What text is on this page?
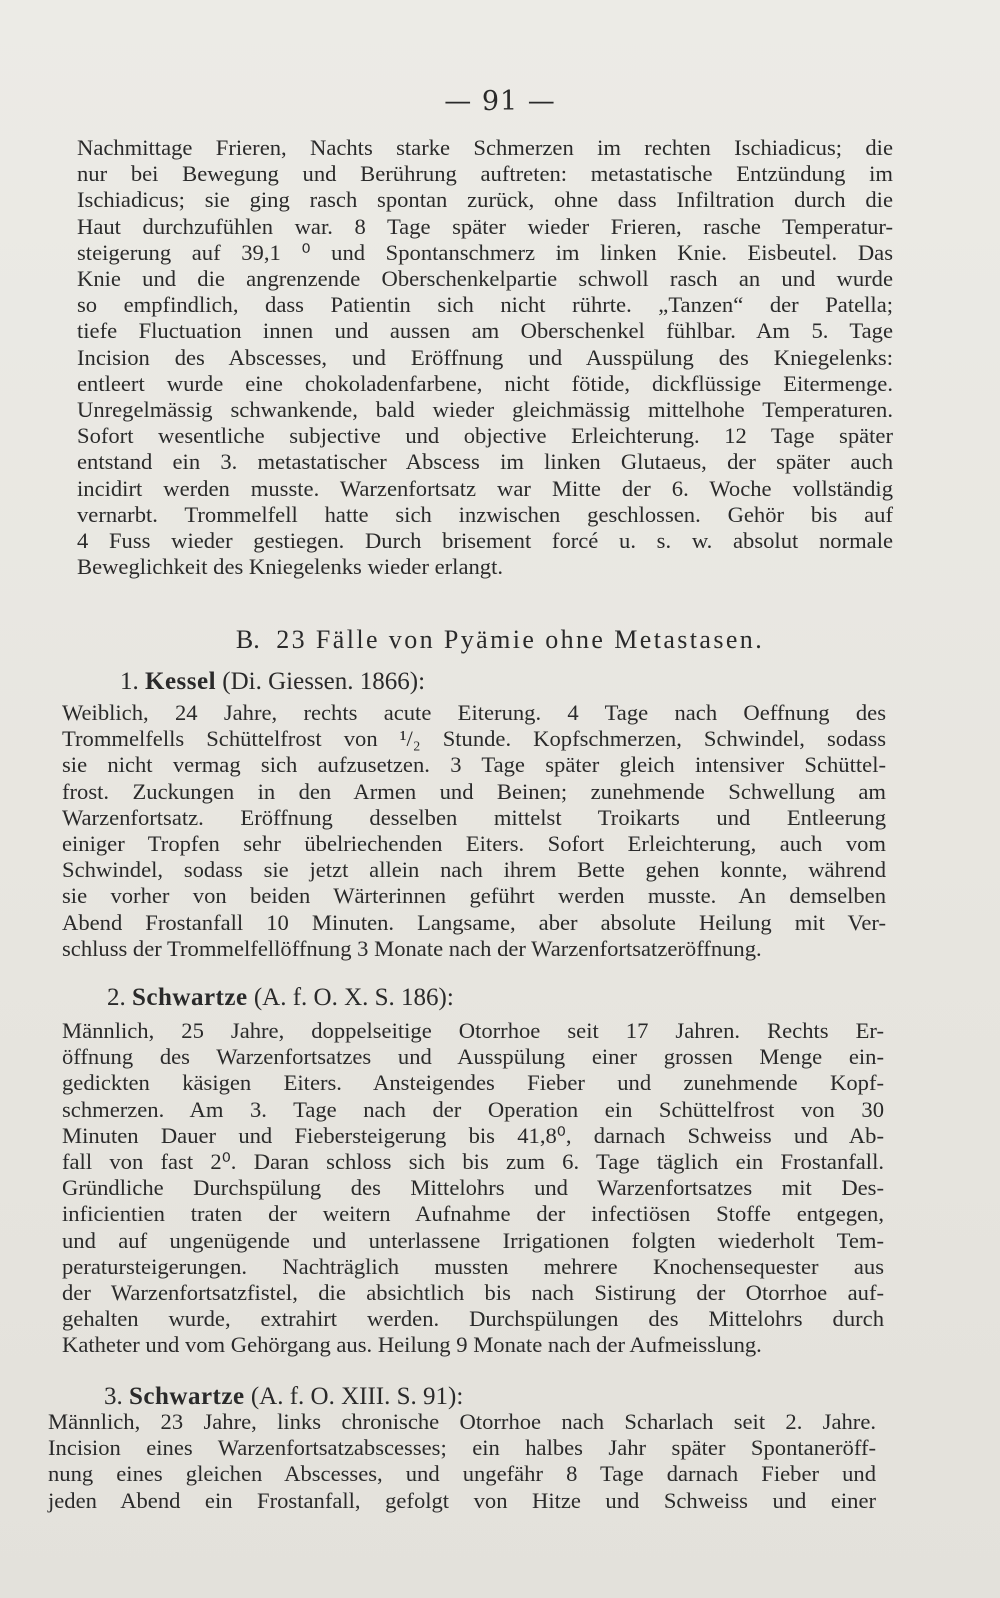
— 91 —
Nachmittage Frieren, Nachts starke Schmerzen im rechten Ischiadicus; die
nur bei Bewegung und Berührung auftreten: metastatische Entzündung im
Ischiadicus; sie ging rasch spontan zurück, ohne dass Infiltration durch die
Haut durchzufühlen war. 8 Tage später wieder Frieren, rasche Temperatur-
steigerung auf 39,1 ⁰ und Spontanschmerz im linken Knie. Eisbeutel. Das
Knie und die angrenzende Oberschenkelpartie schwoll rasch an und wurde
so empfindlich, dass Patientin sich nicht rührte. „Tanzen“ der Patella;
tiefe Fluctuation innen und aussen am Oberschenkel fühlbar. Am 5. Tage
Incision des Abscesses, und Eröffnung und Ausspülung des Kniegelenks:
entleert wurde eine chokoladenfarbene, nicht fötide, dickflüssige Eitermenge.
Unregelmässig schwankende, bald wieder gleichmässig mittelhohe Temperaturen.
Sofort wesentliche subjective und objective Erleichterung. 12 Tage später
entstand ein 3. metastatischer Abscess im linken Glutaeus, der später auch
incidirt werden musste. Warzenfortsatz war Mitte der 6. Woche vollständig
vernarbt. Trommelfell hatte sich inzwischen geschlossen. Gehör bis auf
4 Fuss wieder gestiegen. Durch brisement forcé u. s. w. absolut normale
Beweglichkeit des Kniegelenks wieder erlangt.
B. 23 Fälle von Pyämie ohne Metastasen.
1. Kessel (Di. Giessen. 1866):
Weiblich, 24 Jahre, rechts acute Eiterung. 4 Tage nach Oeffnung des
Trommelfells Schüttelfrost von ¹/₂ Stunde. Kopfschmerzen, Schwindel, sodass
sie nicht vermag sich aufzusetzen. 3 Tage später gleich intensiver Schüttel-
frost. Zuckungen in den Armen und Beinen; zunehmende Schwellung am
Warzenfortsatz. Eröffnung desselben mittelst Troikarts und Entleerung
einiger Tropfen sehr übelriechenden Eiters. Sofort Erleichterung, auch vom
Schwindel, sodass sie jetzt allein nach ihrem Bette gehen konnte, während
sie vorher von beiden Wärterinnen geführt werden musste. An demselben
Abend Frostanfall 10 Minuten. Langsame, aber absolute Heilung mit Ver-
schluss der Trommelfellöffnung 3 Monate nach der Warzenfortsatzeröffnung.
2. Schwartze (A. f. O. X. S. 186):
Männlich, 25 Jahre, doppelseitige Otorrhoe seit 17 Jahren. Rechts Er-
öffnung des Warzenfortsatzes und Ausspülung einer grossen Menge ein-
gedickten käsigen Eiters. Ansteigendes Fieber und zunehmende Kopf-
schmerzen. Am 3. Tage nach der Operation ein Schüttelfrost von 30
Minuten Dauer und Fiebersteigerung bis 41,8⁰, darnach Schweiss und Ab-
fall von fast 2⁰. Daran schloss sich bis zum 6. Tage täglich ein Frostanfall.
Gründliche Durchspülung des Mittelohrs und Warzenfortsatzes mit Des-
inficientien traten der weitern Aufnahme der infectiösen Stoffe entgegen,
und auf ungenügende und unterlassene Irrigationen folgten wiederholt Tem-
peratursteigerungen. Nachträglich mussten mehrere Knochensequester aus
der Warzenfortsatzfistel, die absichtlich bis nach Sistirung der Otorrhoe auf-
gehalten wurde, extrahirt werden. Durchspülungen des Mittelohrs durch
Katheter und vom Gehörgang aus. Heilung 9 Monate nach der Aufmeisslung.
3. Schwartze (A. f. O. XIII. S. 91):
Männlich, 23 Jahre, links chronische Otorrhoe nach Scharlach seit 2. Jahre.
Incision eines Warzenfortsatzabscesses; ein halbes Jahr später Spontaneröff-
nung eines gleichen Abscesses, und ungefähr 8 Tage darnach Fieber und
jeden Abend ein Frostanfall, gefolgt von Hitze und Schweiss und einer
